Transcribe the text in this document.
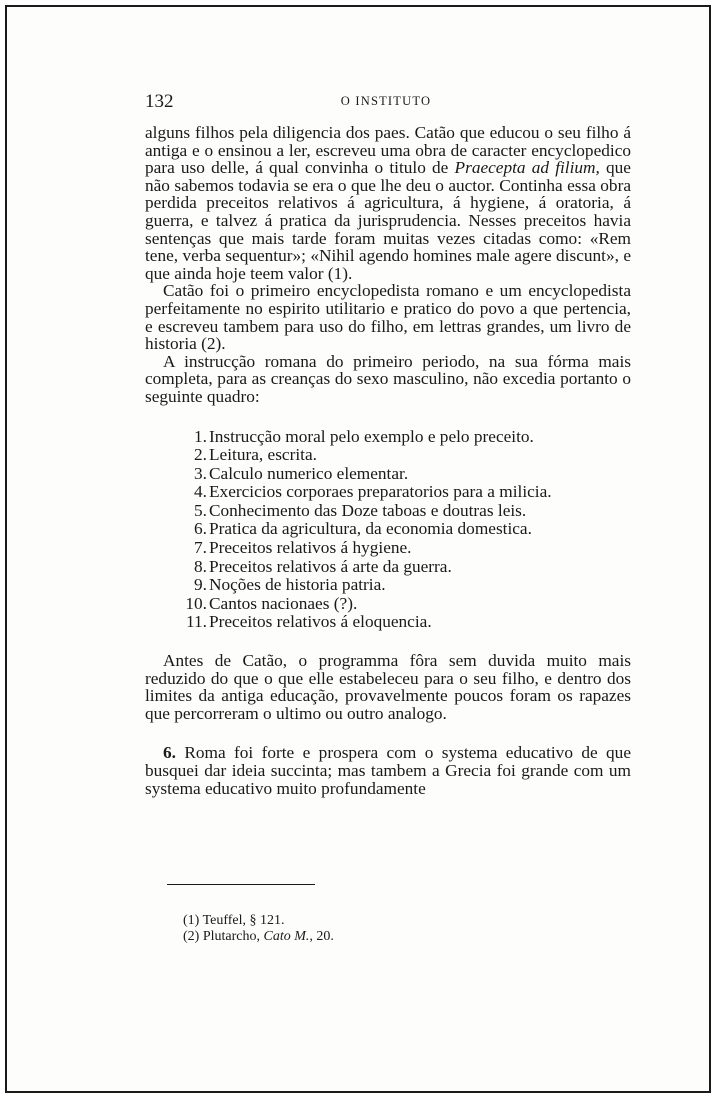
132	O INSTITUTO

alguns filhos pela diligencia dos paes. Catão que educou o seu filho á antiga e o ensinou a ler, escreveu uma obra de caracter encyclopedico para uso delle, á qual convinha o titulo de Praecepta ad filium, que não sabemos todavia se era o que lhe deu o auctor. Continha essa obra perdida preceitos relativos á agricultura, á hygiene, á oratoria, á guerra, e talvez á pratica da jurisprudencia. Nesses preceitos havia sentenças que mais tarde foram muitas vezes citadas como: «Rem tene, verba sequentur»; «Nihil agendo homines male agere discunt», e que ainda hoje teem valor (1).

Catão foi o primeiro encyclopedista romano e um encyclopedista perfeitamente no espirito utilitario e pratico do povo a que pertencia, e escreveu tambem para uso do filho, em lettras grandes, um livro de historia (2).

A instrucção romana do primeiro periodo, na sua fórma mais completa, para as creanças do sexo masculino, não excedia portanto o seguinte quadro:

1. Instrucção moral pelo exemplo e pelo preceito.
2. Leitura, escrita.
3. Calculo numerico elementar.
4. Exercicios corporaes preparatorios para a milicia.
5. Conhecimento das Doze taboas e doutras leis.
6. Pratica da agricultura, da economia domestica.
7. Preceitos relativos á hygiene.
8. Preceitos relativos á arte da guerra.
9. Noções de historia patria.
10. Cantos nacionaes (?).
11. Preceitos relativos á eloquencia.

Antes de Catão, o programma fôra sem duvida muito mais reduzido do que o que elle estabeleceu para o seu filho, e dentro dos limites da antiga educação, provavelmente poucos foram os rapazes que percorreram o ultimo ou outro analogo.

6. Roma foi forte e prospera com o systema educativo de que busquei dar ideia succinta; mas tambem a Grecia foi grande com um systema educativo muito profundamente

(1) Teuffel, § 121.
(2) Plutarcho, Cato M., 20.
